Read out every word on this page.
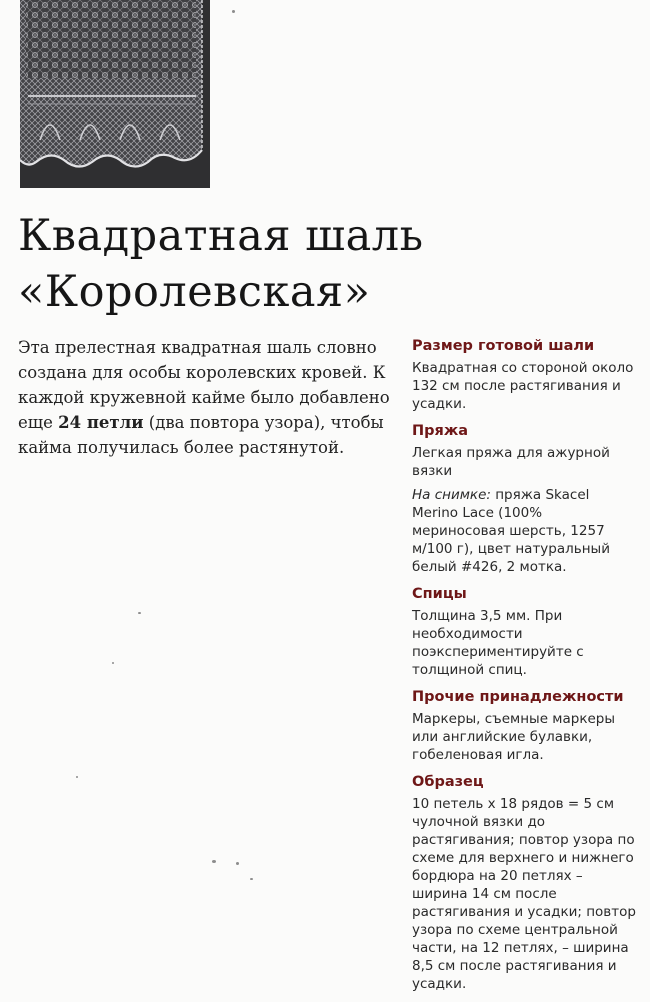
Квадратная шаль
«Королевская»

Эта прелестная квадратная шаль словно создана для особы королевских кровей. К каждой кружевной кайме было добавлено еще 24 петли (два повтора узора), чтобы кайма получилась более растянутой.

Размер готовой шали

Квадратная со стороной около 132 см после растягивания и усадки.

Пряжа

Легкая пряжа для ажурной вязки

На снимке: пряжа Skacel Merino Lace (100% мериносовая шерсть, 1257 м/100 г), цвет натуральный белый #426, 2 мотка.

Спицы

Толщина 3,5 мм. При необходимости поэкспериментируйте с толщиной спиц.

Прочие принадлежности

Маркеры, съемные маркеры или английские булавки, гобеленовая игла.

Образец

10 петель х 18 рядов = 5 см чулочной вязки до растягивания; повтор узора по схеме для верхнего и нижнего бордюра на 20 петлях – ширина 14 см после растягивания и усадки; повтор узора по схеме центральной части, на 12 петлях, – ширина 8,5 см после растягивания и усадки.
